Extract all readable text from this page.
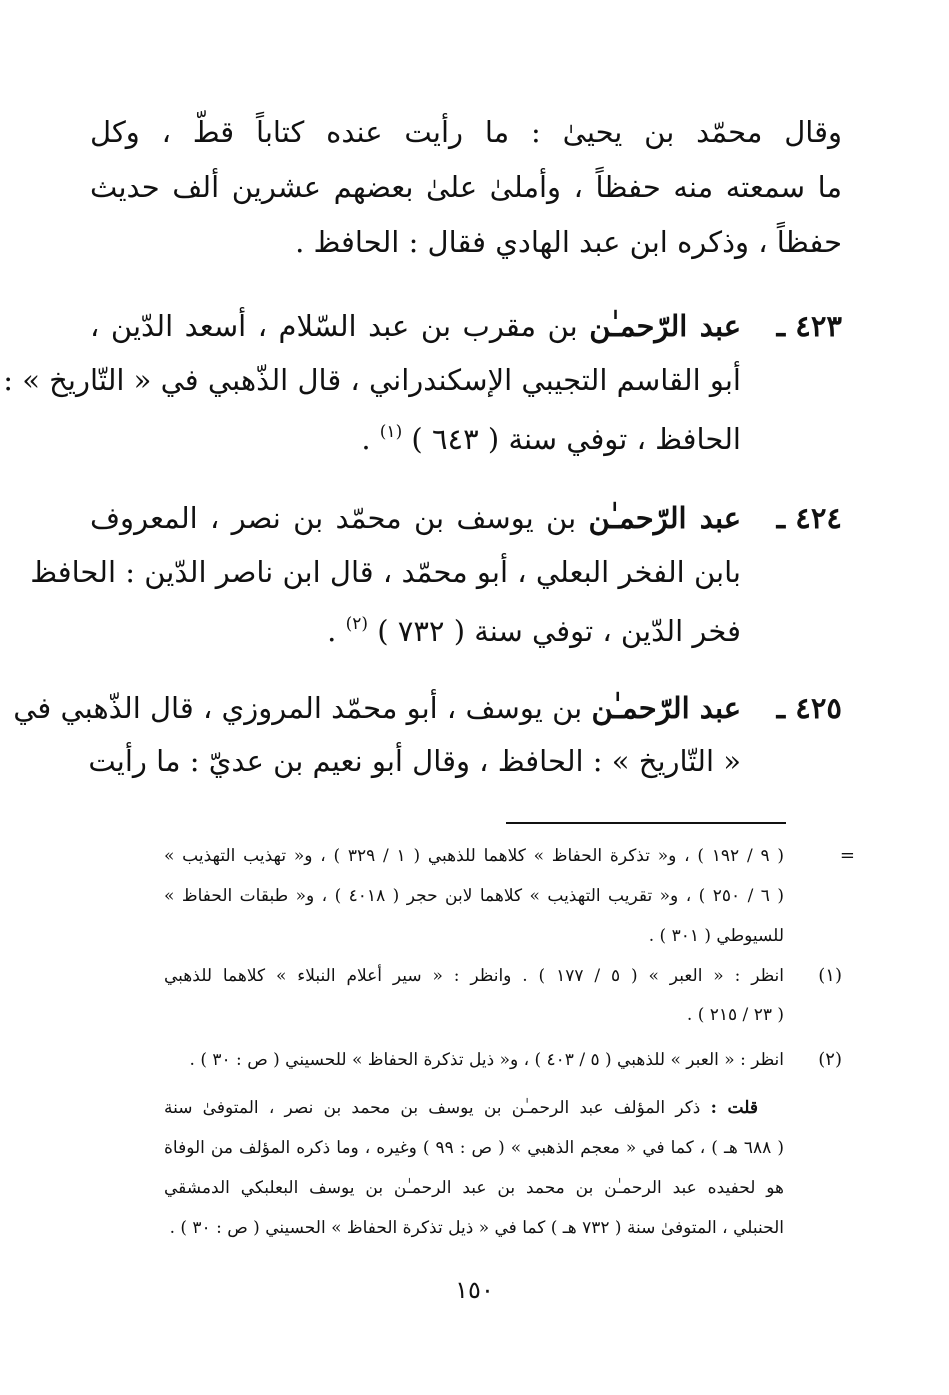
وقال محمّد بن يحيىٰ : ما رأيت عنده كتاباً قطّ ، وكل
ما سمعته منه حفظاً ، وأملىٰ علىٰ بعضهم عشرين ألف حديث
حفظاً ، وذكره ابن عبد الهادي فقال : الحافظ .
٤٢٣ ـ
عبد الرّحمـٰن بن مقرب بن عبد السّلام ، أسعد الدّين ،
أبو القاسم التجيبي الإسكندراني ، قال الذّهبي في « التّاريخ » :
الحافظ ، توفي سنة ( ٦٤٣ ) $^{(١)}$ .
٤٢٤ ـ
عبد الرّحمـٰن بن يوسف بن محمّد بن نصر ، المعروف
بابن الفخر البعلي ، أبو محمّد ، قال ابن ناصر الدّين : الحافظ
فخر الدّين ، توفي سنة ( ٧٣٢ ) $^{(٢)}$ .
٤٢٥ ـ
عبد الرّحمـٰن بن يوسف ، أبو محمّد المروزي ، قال الذّهبي في
« التّاريخ » : الحافظ ، وقال أبو نعيم بن عديّ : ما رأيت
=
( ٩ / ١٩٢ ) ، و« تذكرة الحفاظ » كلاهما للذهبي ( ١ / ٣٢٩ ) ، و« تهذيب التهذيب »
( ٦ / ٢٥٠ ) ، و« تقريب التهذيب » كلاهما لابن حجر ( ٤٠١٨ ) ، و« طبقات الحفاظ »
للسيوطي ( ٣٠١ ) .
(١)
انظر : « العبر » ( ٥ / ١٧٧ ) . وانظر : « سير أعلام النبلاء » كلاهما للذهبي
( ٢٣ / ٢١٥ ) .
(٢)
انظر : « العبر » للذهبي ( ٥ / ٤٠٣ ) ، و« ذيل تذكرة الحفاظ » للحسيني ( ص : ٣٠ ) .
قلت : ذكر المؤلف عبد الرحمـٰن بن يوسف بن محمد بن نصر ، المتوفىٰ سنة
( ٦٨٨ هـ ) ، كما في « معجم الذهبي » ( ص : ٩٩ ) وغيره ، وما ذكره المؤلف من الوفاة
هو لحفيده عبد الرحمـٰن بن محمد بن عبد الرحمـٰن بن يوسف البعلبكي الدمشقي
الحنبلي ، المتوفىٰ سنة ( ٧٣٢ هـ ) كما في « ذيل تذكرة الحفاظ » الحسيني ( ص : ٣٠ ) .
١٥٠
